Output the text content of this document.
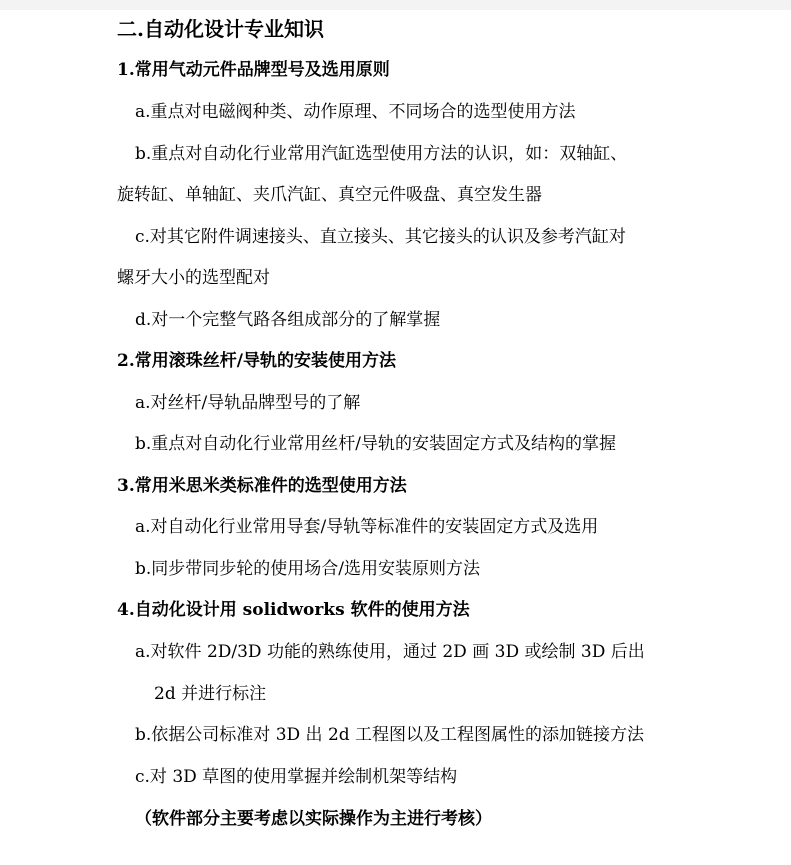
二.自动化设计专业知识
1.常用气动元件品牌型号及选用原则
a.重点对电磁阀种类、动作原理、不同场合的选型使用方法
b.重点对自动化行业常用汽缸选型使用方法的认识，如：双轴缸、
旋转缸、单轴缸、夹爪汽缸、真空元件吸盘、真空发生器
c.对其它附件调速接头、直立接头、其它接头的认识及参考汽缸对
螺牙大小的选型配对
d.对一个完整气路各组成部分的了解掌握
2.常用滚珠丝杆/导轨的安装使用方法
a.对丝杆/导轨品牌型号的了解
b.重点对自动化行业常用丝杆/导轨的安装固定方式及结构的掌握
3.常用米思米类标准件的选型使用方法
a.对自动化行业常用导套/导轨等标准件的安装固定方式及选用
b.同步带同步轮的使用场合/选用安装原则方法
4.自动化设计用 solidworks 软件的使用方法
a.对软件 2D/3D 功能的熟练使用，通过 2D 画 3D 或绘制 3D 后出
2d 并进行标注
b.依据公司标准对 3D 出 2d 工程图以及工程图属性的添加链接方法
c.对 3D 草图的使用掌握并绘制机架等结构
（软件部分主要考虑以实际操作为主进行考核）
